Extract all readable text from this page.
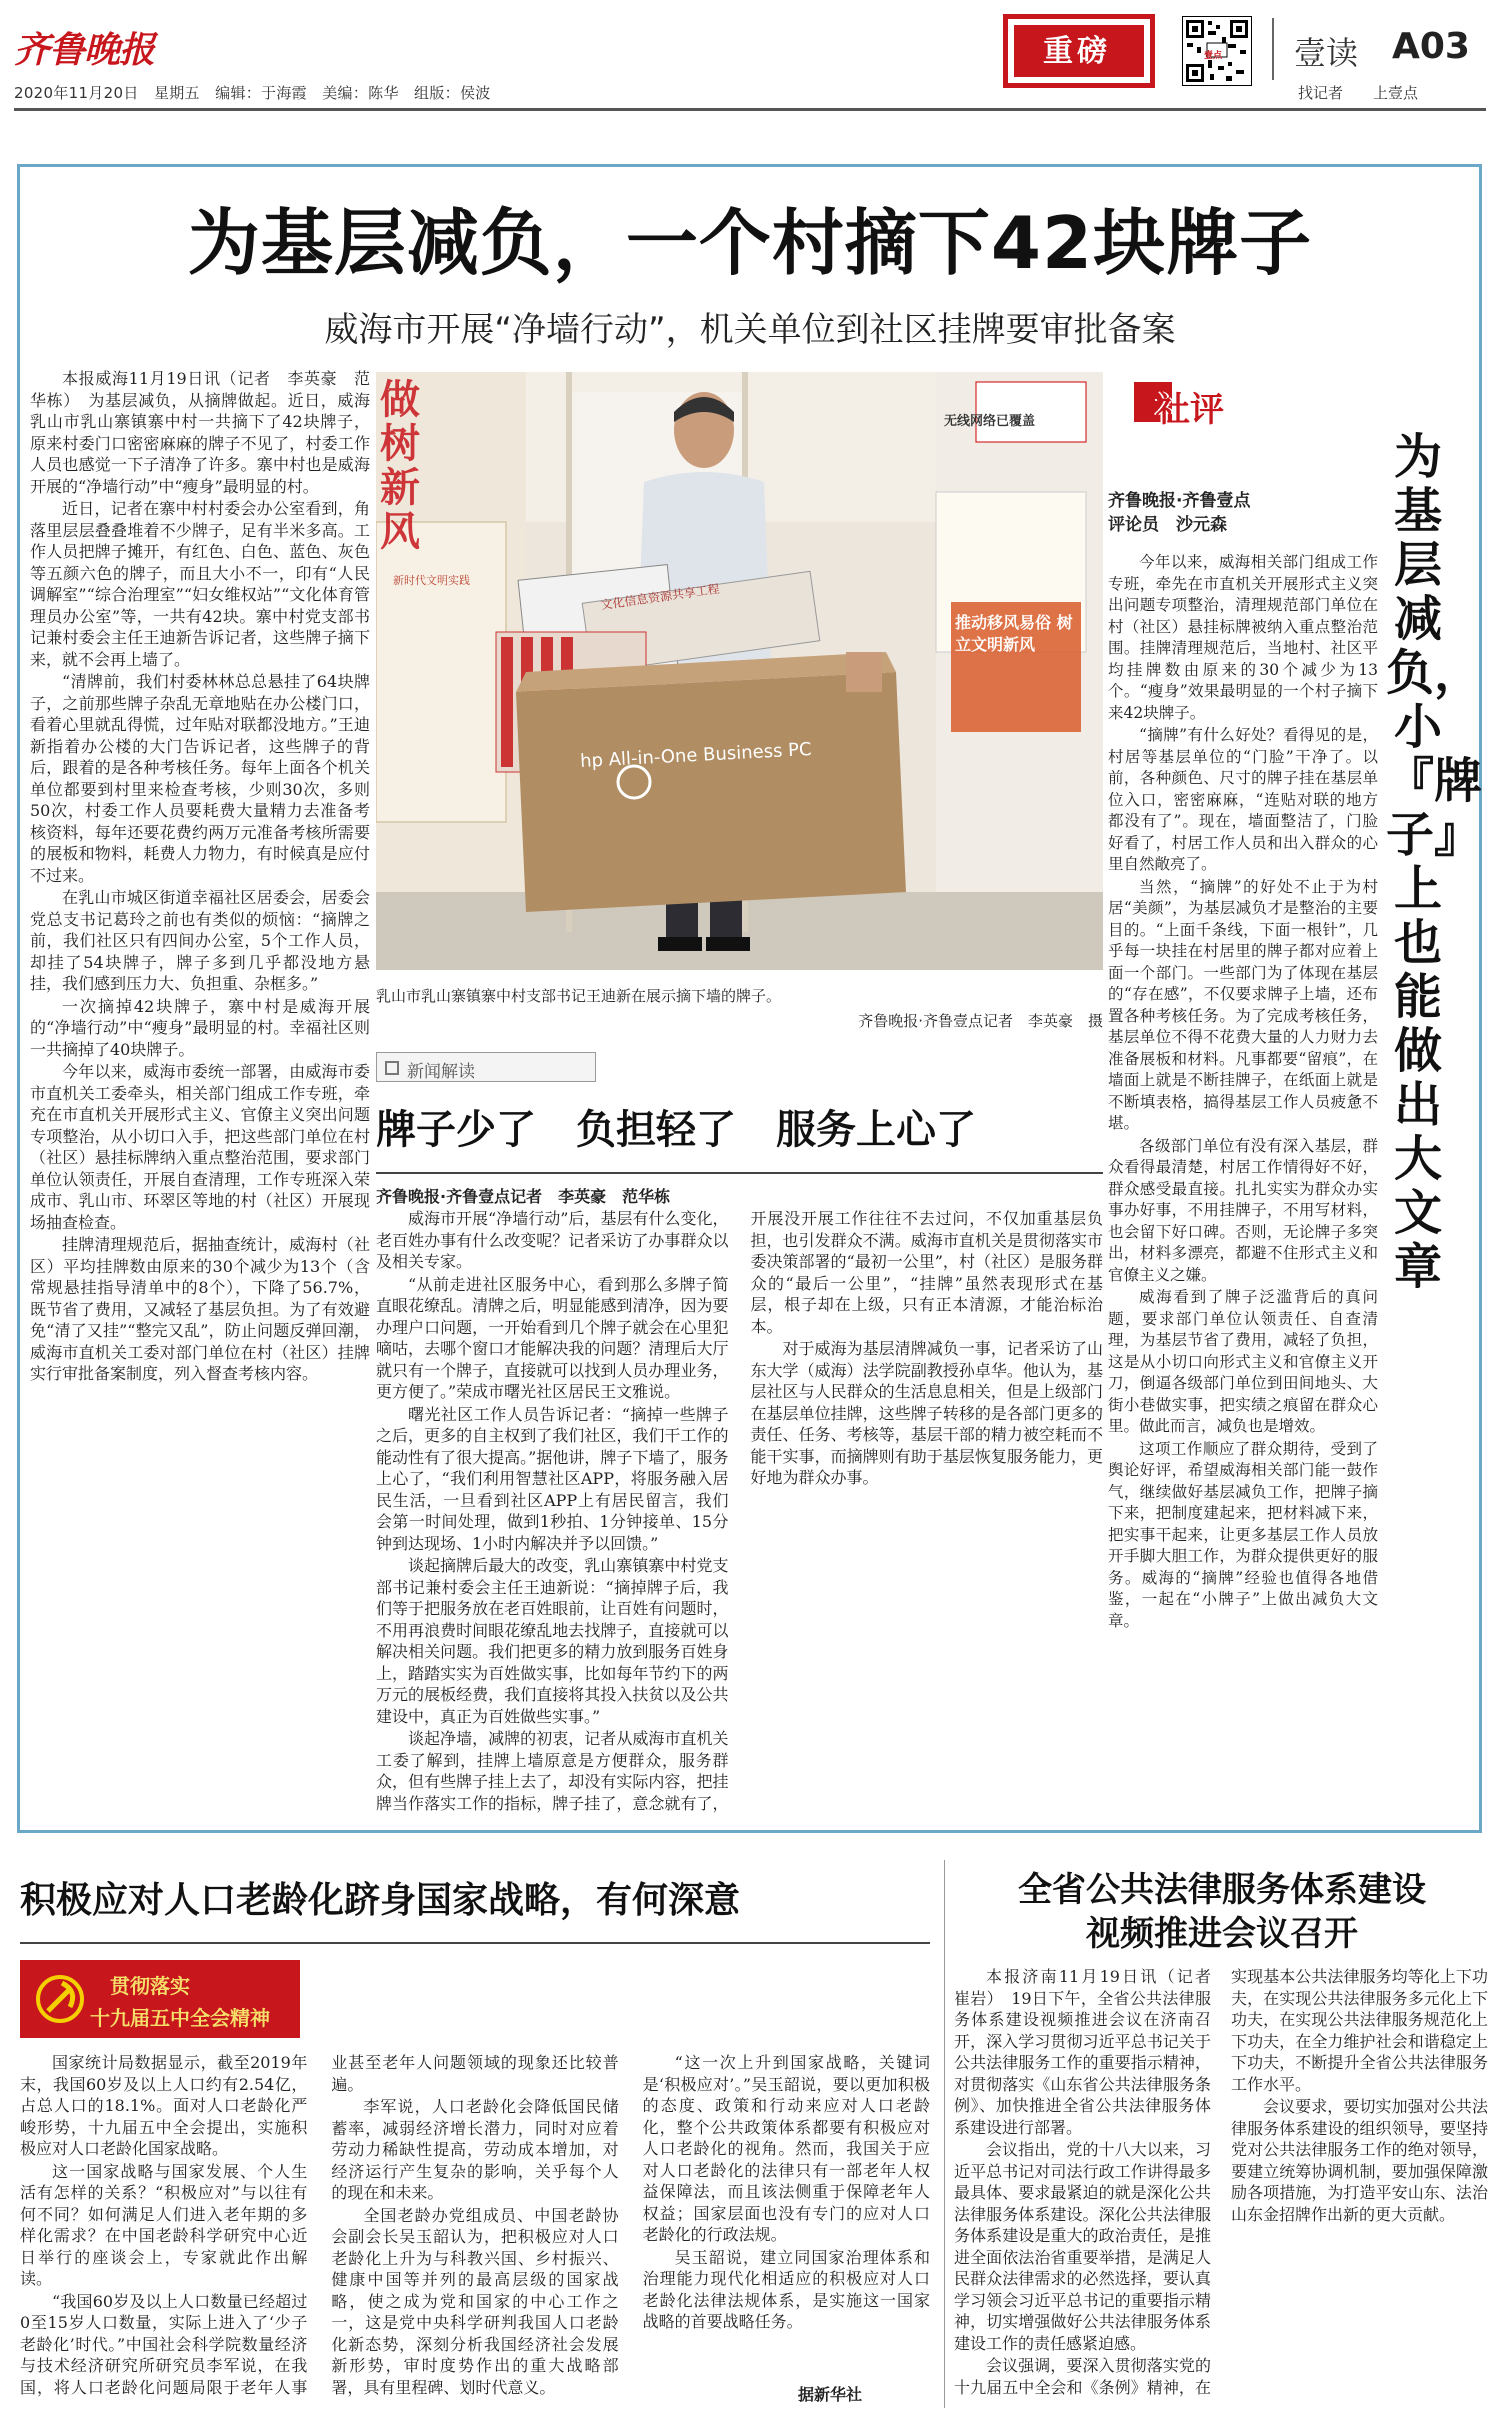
齐鲁晚报
2020年11月20日　星期五　编辑：于海霞　美编：陈华　组版：侯波
重磅	壹点 壹读 A03
找记者　　上壹点
为基层减负，一个村摘下42块牌子
威海市开展“净墙行动”，机关单位到社区挂牌要审批备案

本报威海11月19日讯（记者　李英豪　范华栋）　为基层减负，从摘牌做起。近日，威海乳山市乳山寨镇寨中村一共摘下了42块牌子，原来村委门口密密麻麻的牌子不见了，村委工作人员也感觉一下子清净了许多。寨中村也是威海开展的“净墙行动”中“瘦身”最明显的村。

近日，记者在寨中村村委会办公室看到，角落里层层叠叠堆着不少牌子，足有半米多高。工作人员把牌子摊开，有红色、白色、蓝色、灰色等五颜六色的牌子，而且大小不一，印有“人民调解室”“综合治理室”“妇女维权站”“文化体育管理员办公室”等，一共有42块。寨中村党支部书记兼村委会主任王迪新告诉记者，这些牌子摘下来，就不会再上墙了。

“清牌前，我们村委林林总总悬挂了64块牌子，之前那些牌子杂乱无章地贴在办公楼门口，看着心里就乱得慌，过年贴对联都没地方。”王迪新指着办公楼的大门告诉记者，这些牌子的背后，跟着的是各种考核任务。每年上面各个机关单位都要到村里来检查考核，少则30次，多则50次，村委工作人员要耗费大量精力去准备考核资料，每年还要花费约两万元准备考核所需要的展板和物料，耗费人力物力，有时候真是应付不过来。

在乳山市城区街道幸福社区居委会，居委会党总支书记葛玲之前也有类似的烦恼：“摘牌之前，我们社区只有四间办公室，5个工作人员，却挂了54块牌子，牌子多到几乎都没地方悬挂，我们感到压力大、负担重、杂框多。”

一次摘掉42块牌子，寨中村是威海开展的“净墙行动”中“瘦身”最明显的村。幸福社区则一共摘掉了40块牌子。

今年以来，威海市委统一部署，由威海市委市直机关工委牵头，相关部门组成工作专班，牵充在市直机关开展形式主义、官僚主义突出问题专项整治，从小切口入手，把这些部门单位在村（社区）悬挂标牌纳入重点整治范围，要求部门单位认领责任，开展自查清理，工作专班深入荣成市、乳山市、环翠区等地的村（社区）开展现场抽查检查。

挂牌清理规范后，据抽查统计，威海村（社区）平均挂牌数由原来的30个减少为13个（含常规悬挂指导清单中的8个），下降了56.7%，既节省了费用，又减轻了基层负担。为了有效避免“清了又挂”“整完又乱”，防止问题反弹回潮，威海市直机关工委对部门单位在村（社区）挂牌实行审批备案制度，列入督查考核内容。

做树新风
新时代文明实践
无线网络已覆盖
推动移风易俗 树立文明新风
文化信息资源共享工程
hp All-in-One Business PC
乳山市乳山寨镇寨中村支部书记王迪新在展示摘下墙的牌子。
齐鲁晚报·齐鲁壹点记者　李英豪　摄
新闻解读
牌子少了　负担轻了　服务上心了
齐鲁晚报·齐鲁壹点记者　李英豪　范华栋

威海市开展“净墙行动”后，基层有什么变化，老百姓办事有什么改变呢？记者采访了办事群众以及相关专家。

“从前走进社区服务中心，看到那么多牌子简直眼花缭乱。清牌之后，明显能感到清净，因为要办理户口问题，一开始看到几个牌子就会在心里犯嘀咕，去哪个窗口才能解决我的问题？清理后大厅就只有一个牌子，直接就可以找到人员办理业务，更方便了。”荣成市曙光社区居民王文雅说。

曙光社区工作人员告诉记者：“摘掉一些牌子之后，更多的自主权到了我们社区，我们干工作的能动性有了很大提高。”据他讲，牌子下墙了，服务上心了，“我们利用智慧社区APP，将服务融入居民生活，一旦看到社区APP上有居民留言，我们会第一时间处理，做到1秒拍、1分钟接单、15分钟到达现场、1小时内解决并予以回馈。”

谈起摘牌后最大的改变，乳山寨镇寨中村党支部书记兼村委会主任王迪新说：“摘掉牌子后，我们等于把服务放在老百姓眼前，让百姓有问题时，不用再浪费时间眼花缭乱地去找牌子，直接就可以解决相关问题。我们把更多的精力放到服务百姓身上，踏踏实实为百姓做实事，比如每年节约下的两万元的展板经费，我们直接将其投入扶贫以及公共建设中，真正为百姓做些实事。”

谈起净墙，减牌的初衷，记者从威海市直机关工委了解到，挂牌上墙原意是方便群众，服务群众，但有些牌子挂上去了，却没有实际内容，把挂牌当作落实工作的指标，牌子挂了，意念就有了，开展没开展工作往往不去过问，不仅加重基层负担，也引发群众不满。威海市直机关是贯彻落实市委决策部署的“最初一公里”，村（社区）是服务群众的“最后一公里”，“挂牌”虽然表现形式在基层，根子却在上级，只有正本清源，才能治标治本。

对于威海为基层清牌减负一事，记者采访了山东大学（威海）法学院副教授孙卓华。他认为，基层社区与人民群众的生活息息相关，但是上级部门在基层单位挂牌，这些牌子转移的是各部门更多的责任、任务、考核等，基层干部的精力被空耗而不能干实事，而摘牌则有助于基层恢复服务能力，更好地为群众办事。

社评
齐鲁晚报·齐鲁壹点
评论员　沙元森
为基层减负，小『牌子』上也能做出大文章

今年以来，威海相关部门组成工作专班，牵先在市直机关开展形式主义突出问题专项整治，清理规范部门单位在村（社区）悬挂标牌被纳入重点整治范围。挂牌清理规范后，当地村、社区平均挂牌数由原来的30个减少为13个。“瘦身”效果最明显的一个村子摘下来42块牌子。

“摘牌”有什么好处？看得见的是，村居等基层单位的“门脸”干净了。以前，各种颜色、尺寸的牌子挂在基层单位入口，密密麻麻，“连贴对联的地方都没有了”。现在，墙面整洁了，门脸好看了，村居工作人员和出入群众的心里自然敞亮了。

当然，“摘牌”的好处不止于为村居“美颜”，为基层减负才是整治的主要目的。“上面千条线，下面一根针”，几乎每一块挂在村居里的牌子都对应着上面一个部门。一些部门为了体现在基层的“存在感”，不仅要求牌子上墙，还布置各种考核任务。为了完成考核任务，基层单位不得不花费大量的人力财力去准备展板和材料。凡事都要“留痕”，在墙面上就是不断挂牌子，在纸面上就是不断填表格，搞得基层工作人员疲惫不堪。

各级部门单位有没有深入基层，群众看得最清楚，村居工作情得好不好，群众感受最直接。扎扎实实为群众办实事办好事，不用挂牌子，不用写材料，也会留下好口碑。否则，无论牌子多突出，材料多漂亮，都避不住形式主义和官僚主义之嫌。

威海看到了牌子泛滥背后的真问题，要求部门单位认领责任、自查清理，为基层节省了费用，减轻了负担，这是从小切口向形式主义和官僚主义开刀，倒逼各级部门单位到田间地头、大街小巷做实事，把实绩之痕留在群众心里。做此而言，减负也是增效。

这项工作顺应了群众期待，受到了舆论好评，希望威海相关部门能一鼓作气，继续做好基层减负工作，把牌子摘下来，把制度建起来，把材料减下来，把实事干起来，让更多基层工作人员放开手脚大胆工作，为群众提供更好的服务。威海的“摘牌”经验也值得各地借鉴，一起在“小牌子”上做出减负大文章。

积极应对人口老龄化跻身国家战略，有何深意
贯彻落实
十九届五中全会精神

国家统计局数据显示，截至2019年末，我国60岁及以上人口约有2.54亿，占总人口的18.1%。面对人口老龄化严峻形势，十九届五中全会提出，实施积极应对人口老龄化国家战略。

这一国家战略与国家发展、个人生活有怎样的关系？“积极应对”与以往有何不同？如何满足人们进入老年期的多样化需求？在中国老龄科学研究中心近日举行的座谈会上，专家就此作出解读。

“我国60岁及以上人口数量已经超过0至15岁人口数量，实际上进入了‘少子老龄化’时代。”中国社会科学院数量经济与技术经济研究所研究员李军说，在我国，将人口老龄化问题局限于老年人事业甚至老年人问题领域的现象还比较普遍。

李军说，人口老龄化会降低国民储蓄率，减弱经济增长潜力，同时对应着劳动力稀缺性提高，劳动成本增加，对经济运行产生复杂的影响，关乎每个人的现在和未来。

全国老龄办党组成员、中国老龄协会副会长吴玉韶认为，把积极应对人口老龄化上升为与科教兴国、乡村振兴、健康中国等并列的最高层级的国家战略，使之成为党和国家的中心工作之一，这是党中央科学研判我国人口老龄化新态势，深刻分析我国经济社会发展新形势，审时度势作出的重大战略部署，具有里程碑、划时代意义。

“这一次上升到国家战略，关键词是‘积极应对’。”吴玉韶说，要以更加积极的态度、政策和行动来应对人口老龄化，整个公共政策体系都要有积极应对人口老龄化的视角。然而，我国关于应对人口老龄化的法律只有一部老年人权益保障法，而且该法侧重于保障老年人权益；国家层面也没有专门的应对人口老龄化的行政法规。

吴玉韶说，建立同国家治理体系和治理能力现代化相适应的积极应对人口老龄化法律法规体系，是实施这一国家战略的首要战略任务。

据新华社
全省公共法律服务体系建设
视频推进会议召开

本报济南11月19日讯（记者　崔岩）　19日下午，全省公共法律服务体系建设视频推进会议在济南召开，深入学习贯彻习近平总书记关于公共法律服务工作的重要指示精神，对贯彻落实《山东省公共法律服务条例》、加快推进全省公共法律服务体系建设进行部署。

会议指出，党的十八大以来，习近平总书记对司法行政工作讲得最多最具体、要求最紧迫的就是深化公共法律服务体系建设。深化公共法律服务体系建设是重大的政治责任，是推进全面依法治省重要举措，是满足人民群众法律需求的必然选择，要认真学习领会习近平总书记的重要指示精神，切实增强做好公共法律服务体系建设工作的责任感紧迫感。

会议强调，要深入贯彻落实党的十九届五中全会和《条例》精神，在实现基本公共法律服务均等化上下功夫，在实现公共法律服务多元化上下功夫，在实现公共法律服务规范化上下功夫，在全力维护社会和谐稳定上下功夫，不断提升全省公共法律服务工作水平。

会议要求，要切实加强对公共法律服务体系建设的组织领导，要坚持党对公共法律服务工作的绝对领导，要建立统筹协调机制，要加强保障激励各项措施，为打造平安山东、法治山东金招牌作出新的更大贡献。
